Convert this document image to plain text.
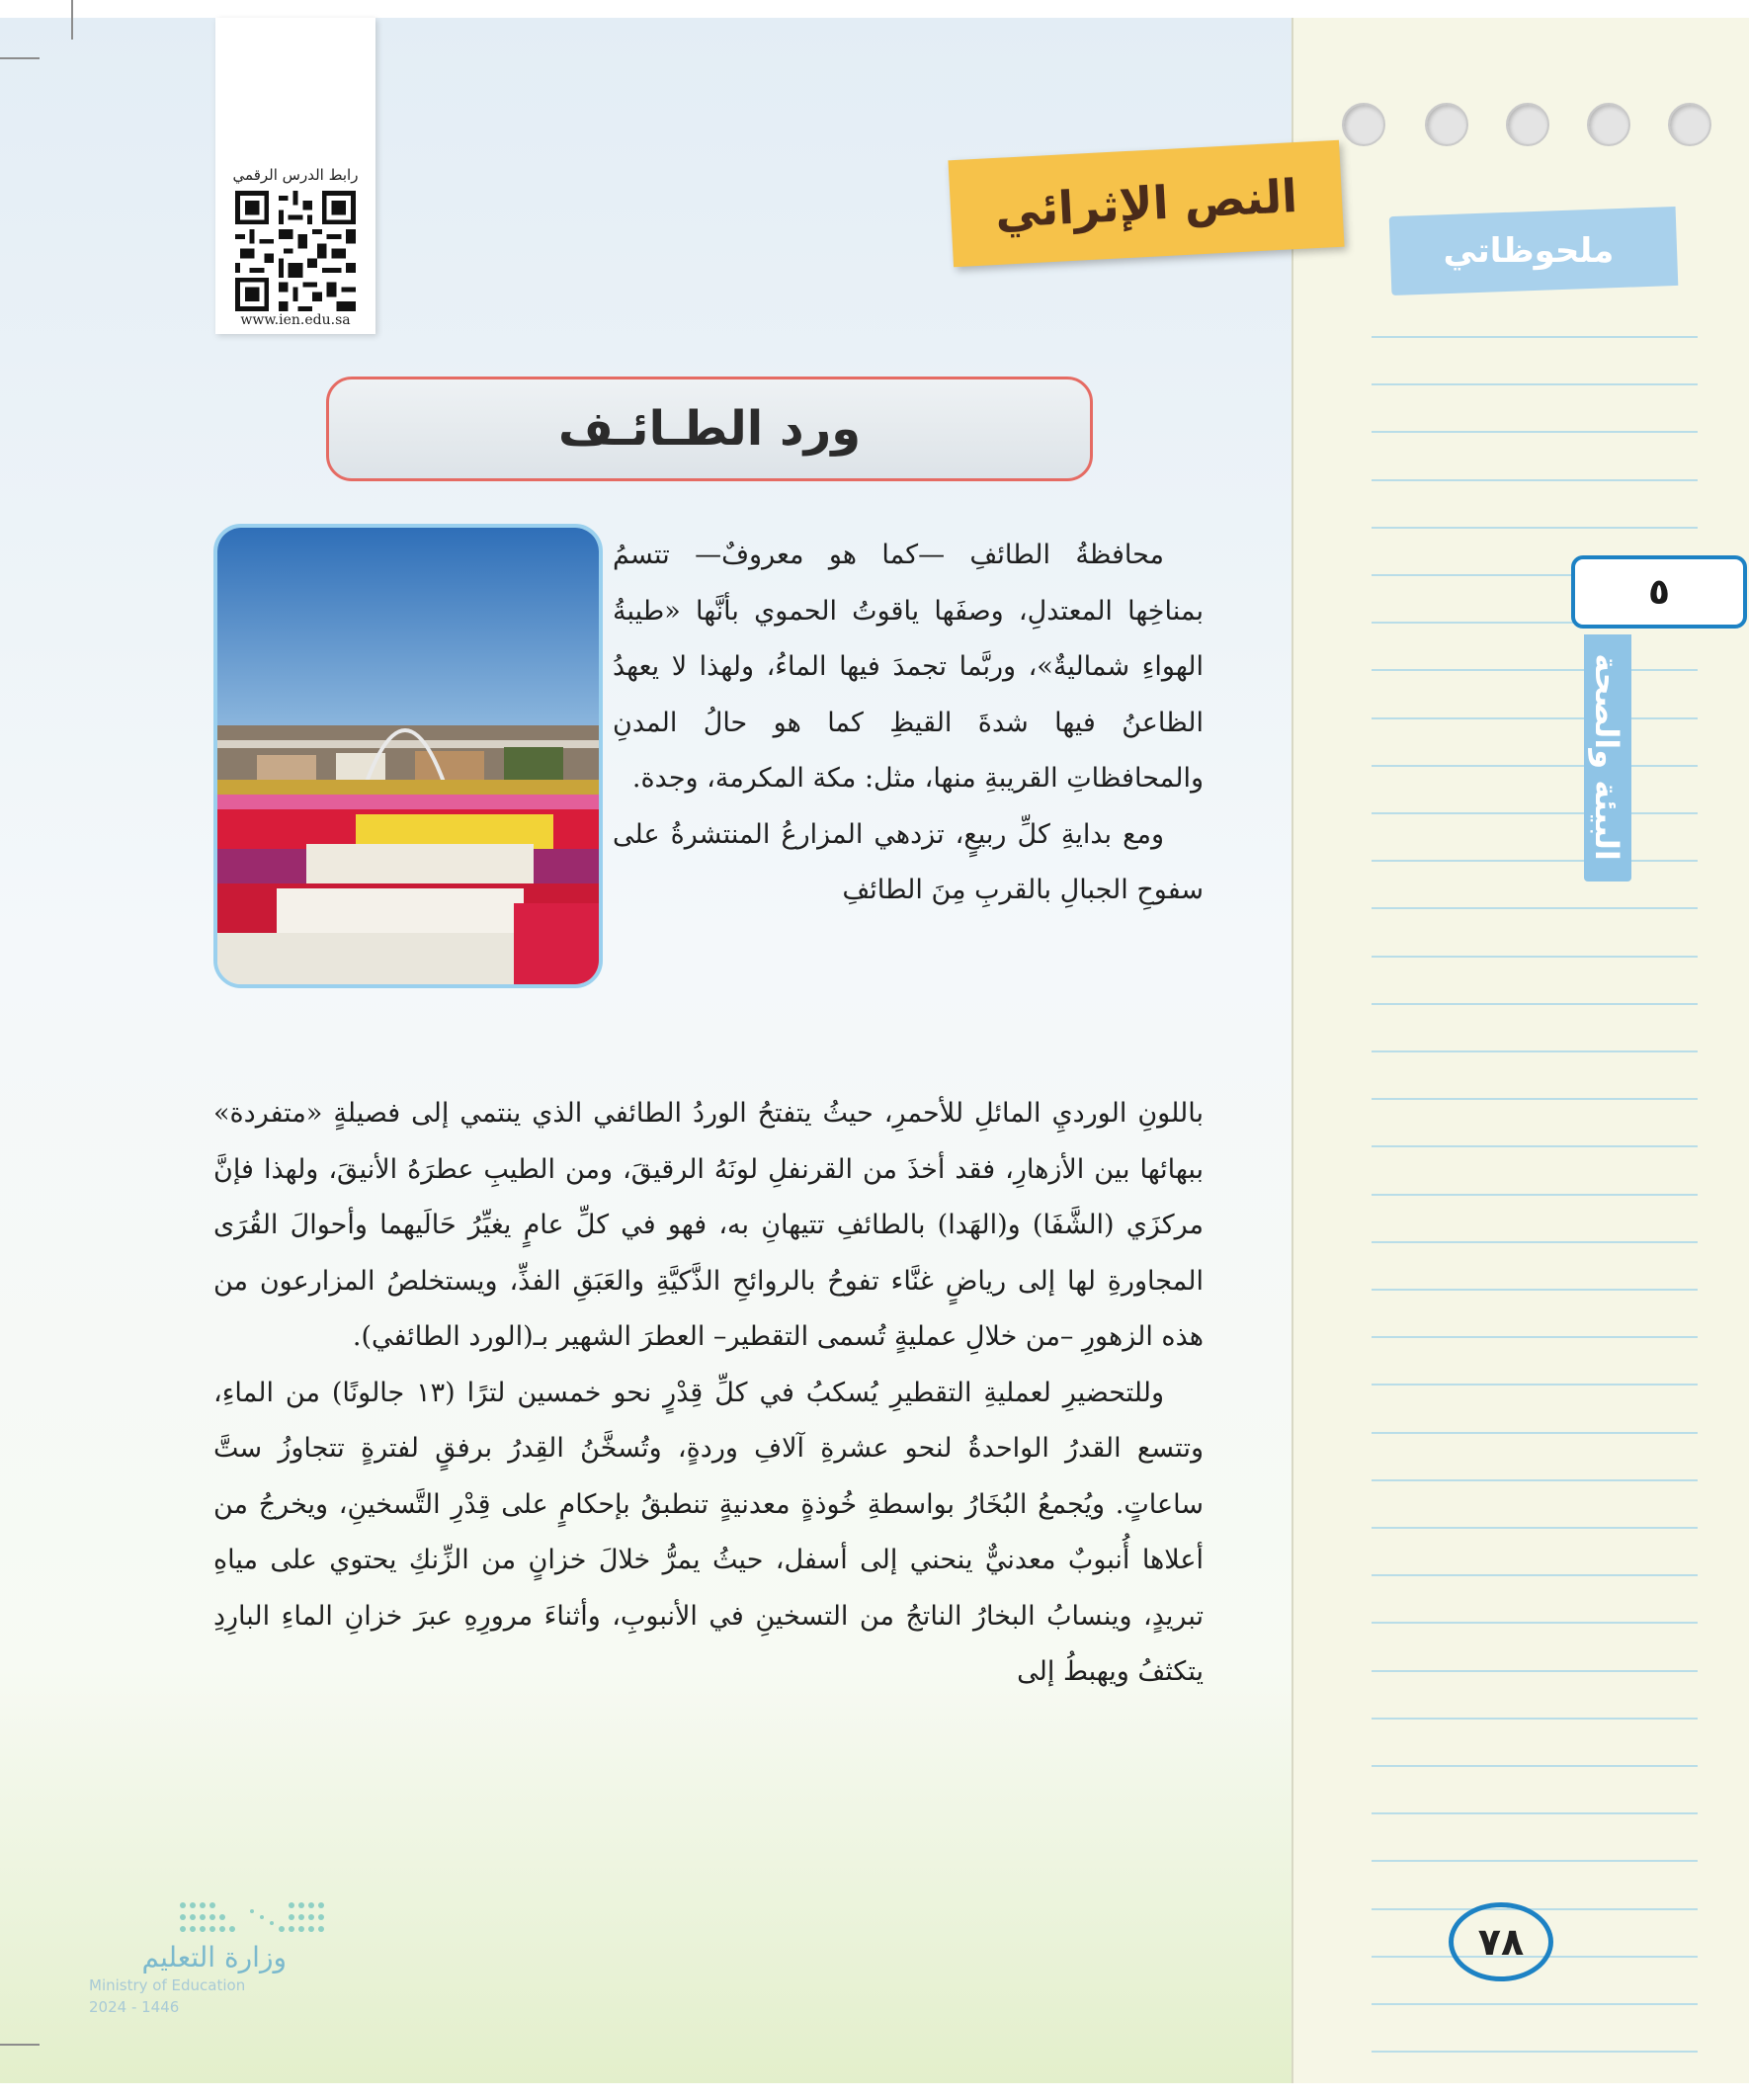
ملحوظاتي
٥
البيئة والصحة
٧٨
رابط الدرس الرقمي
www.ien.edu.sa
النص الإثرائي
ورد الطـائـف

محافظةُ الطائفِ —كما هو معروفٌ— تتسمُ بمناخِها المعتدلِ، وصفَها ياقوتُ الحموي بأنَّها «طيبةُ الهواءِ شماليةٌ»، وربَّما تجمدَ فيها الماءُ، ولهذا لا يعهدُ الظاعنُ فيها شدةَ القيظِ كما هو حالُ المدنِ والمحافظاتِ القريبةِ منها، مثل: مكة المكرمة، وجدة.

ومع بدايةِ كلِّ ربيعٍ، تزدهي المزارعُ المنتشرةُ على سفوحِ الجبالِ بالقربِ مِنَ الطائفِ

باللونِ الورديِ المائلِ للأحمرِ، حيثُ يتفتحُ الوردُ الطائفي الذي ينتمي إلى فصيلةٍ «متفردة» ببهائها بين الأزهارِ، فقد أخذَ من القرنفلِ لونَهُ الرقيقَ، ومن الطيبِ عطرَهُ الأنيقَ، ولهذا فإنَّ مركزَي (الشَّفَا) و(الهَدا) بالطائفِ تتيهانِ به، فهو في كلِّ عامٍ يغيِّرُ حَالَيهما وأحوالَ القُرَى المجاورةِ لها إلى رياضٍ غنَّاء تفوحُ بالروائحِ الذَّكيَّةِ والعَبَقِ الفذِّ، ويستخلصُ المزارعون من هذه الزهورِ –من خلالِ عمليةٍ تُسمى التقطير– العطرَ الشهير بـ(الورد الطائفي).

وللتحضيرِ لعمليةِ التقطيرِ يُسكبُ في كلِّ قِدْرٍ نحو خمسين لترًا (١٣ جالونًا) من الماءِ، وتتسع القدرُ الواحدةُ لنحو عشرةِ آلافِ وردةٍ، وتُسخَّنُ القِدرُ برفقٍ لفترةٍ تتجاوزُ ستَّ ساعاتٍ. ويُجمعُ البُخَارُ بواسطةِ خُوذةٍ معدنيةٍ تنطبقُ بإحكامٍ على قِدْرِ التَّسخينِ، ويخرجُ من أعلاها أُنبوبٌ معدنيٌّ ينحني إلى أسفل، حيثُ يمرُّ خلالَ خزانٍ من الزِّنكِ يحتوي على مياهِ تبريدٍ، وينسابُ البخارُ الناتجُ من التسخينِ في الأنبوبِ، وأثناءَ مرورِهِ عبرَ خزانِ الماءِ البارِدِ يتكثفُ ويهبطُ إلى

وزارة التعليم
Ministry of Education
2024 - 1446
